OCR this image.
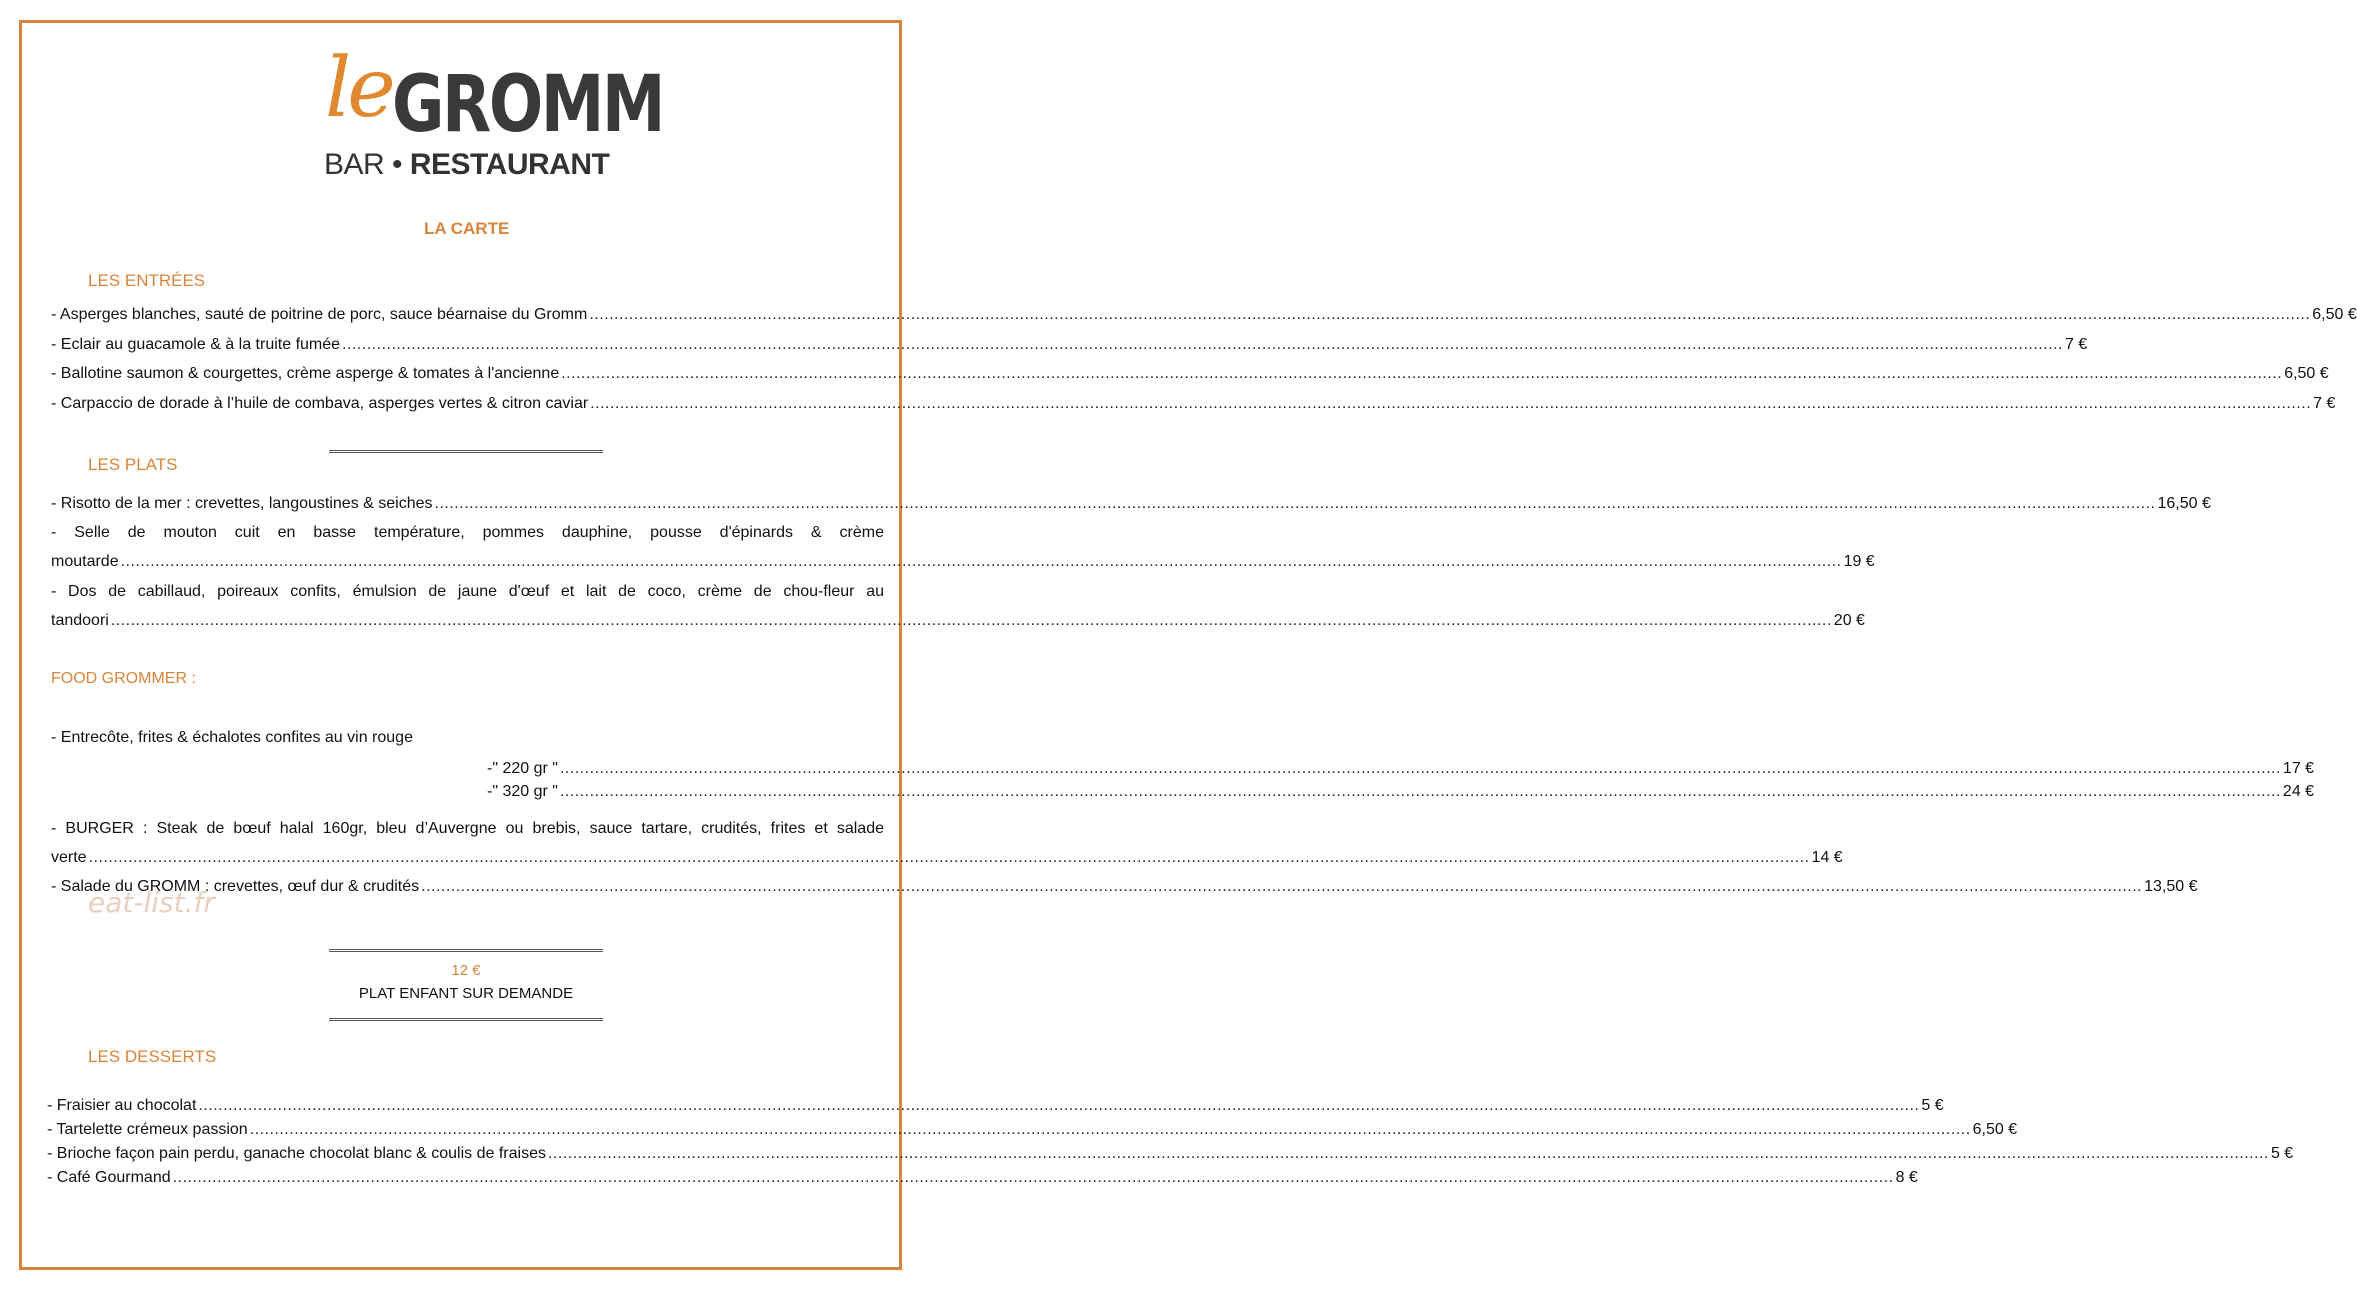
le GROMM
BAR • RESTAURANT
LA CARTE
LES ENTRÉES
- Asperges blanches, sauté de poitrine de porc, sauce béarnaise du Gromm ............................................................................................................................................................................................................................................................................................................................................................ 6,50 €
- Eclair au guacamole & à la truite fumée ............................................................................................................................................................................................................................................................................................................................................................ 7 €
- Ballotine saumon & courgettes, crème asperge & tomates à l'ancienne ............................................................................................................................................................................................................................................................................................................................................................ 6,50 €
- Carpaccio de dorade à l’huile de combava, asperges vertes & citron caviar ............................................................................................................................................................................................................................................................................................................................................................ 7 €
LES PLATS
- Risotto de la mer : crevettes, langoustines & seiches ............................................................................................................................................................................................................................................................................................................................................................ 16,50 €
- Selle de mouton cuit en basse température, pommes dauphine, pousse d'épinards & crème
moutarde ............................................................................................................................................................................................................................................................................................................................................................ 19 €
- Dos de cabillaud, poireaux confits, émulsion de jaune d'œuf et lait de coco, crème de chou-fleur au
tandoori ............................................................................................................................................................................................................................................................................................................................................................ 20 €
FOOD GROMMER :
- Entrecôte, frites & échalotes confites au vin rouge
-" 220 gr " ............................................................................................................................................................................................................................................................................................................................................................ 17 €
-" 320 gr " ............................................................................................................................................................................................................................................................................................................................................................ 24 €
- BURGER : Steak de bœuf halal 160gr, bleu d’Auvergne ou brebis, sauce tartare, crudités, frites et salade
verte ............................................................................................................................................................................................................................................................................................................................................................ 14 €
- Salade du GROMM : crevettes, œuf dur & crudités ............................................................................................................................................................................................................................................................................................................................................................ 13,50 €
eat-list.fr
12 €
PLAT ENFANT SUR DEMANDE
LES DESSERTS
- Fraisier au chocolat ............................................................................................................................................................................................................................................................................................................................................................ 5 €
- Tartelette crémeux passion ............................................................................................................................................................................................................................................................................................................................................................ 6,50 €
- Brioche façon pain perdu, ganache chocolat blanc & coulis de fraises ............................................................................................................................................................................................................................................................................................................................................................ 5 €
- Café Gourmand ............................................................................................................................................................................................................................................................................................................................................................ 8 €
